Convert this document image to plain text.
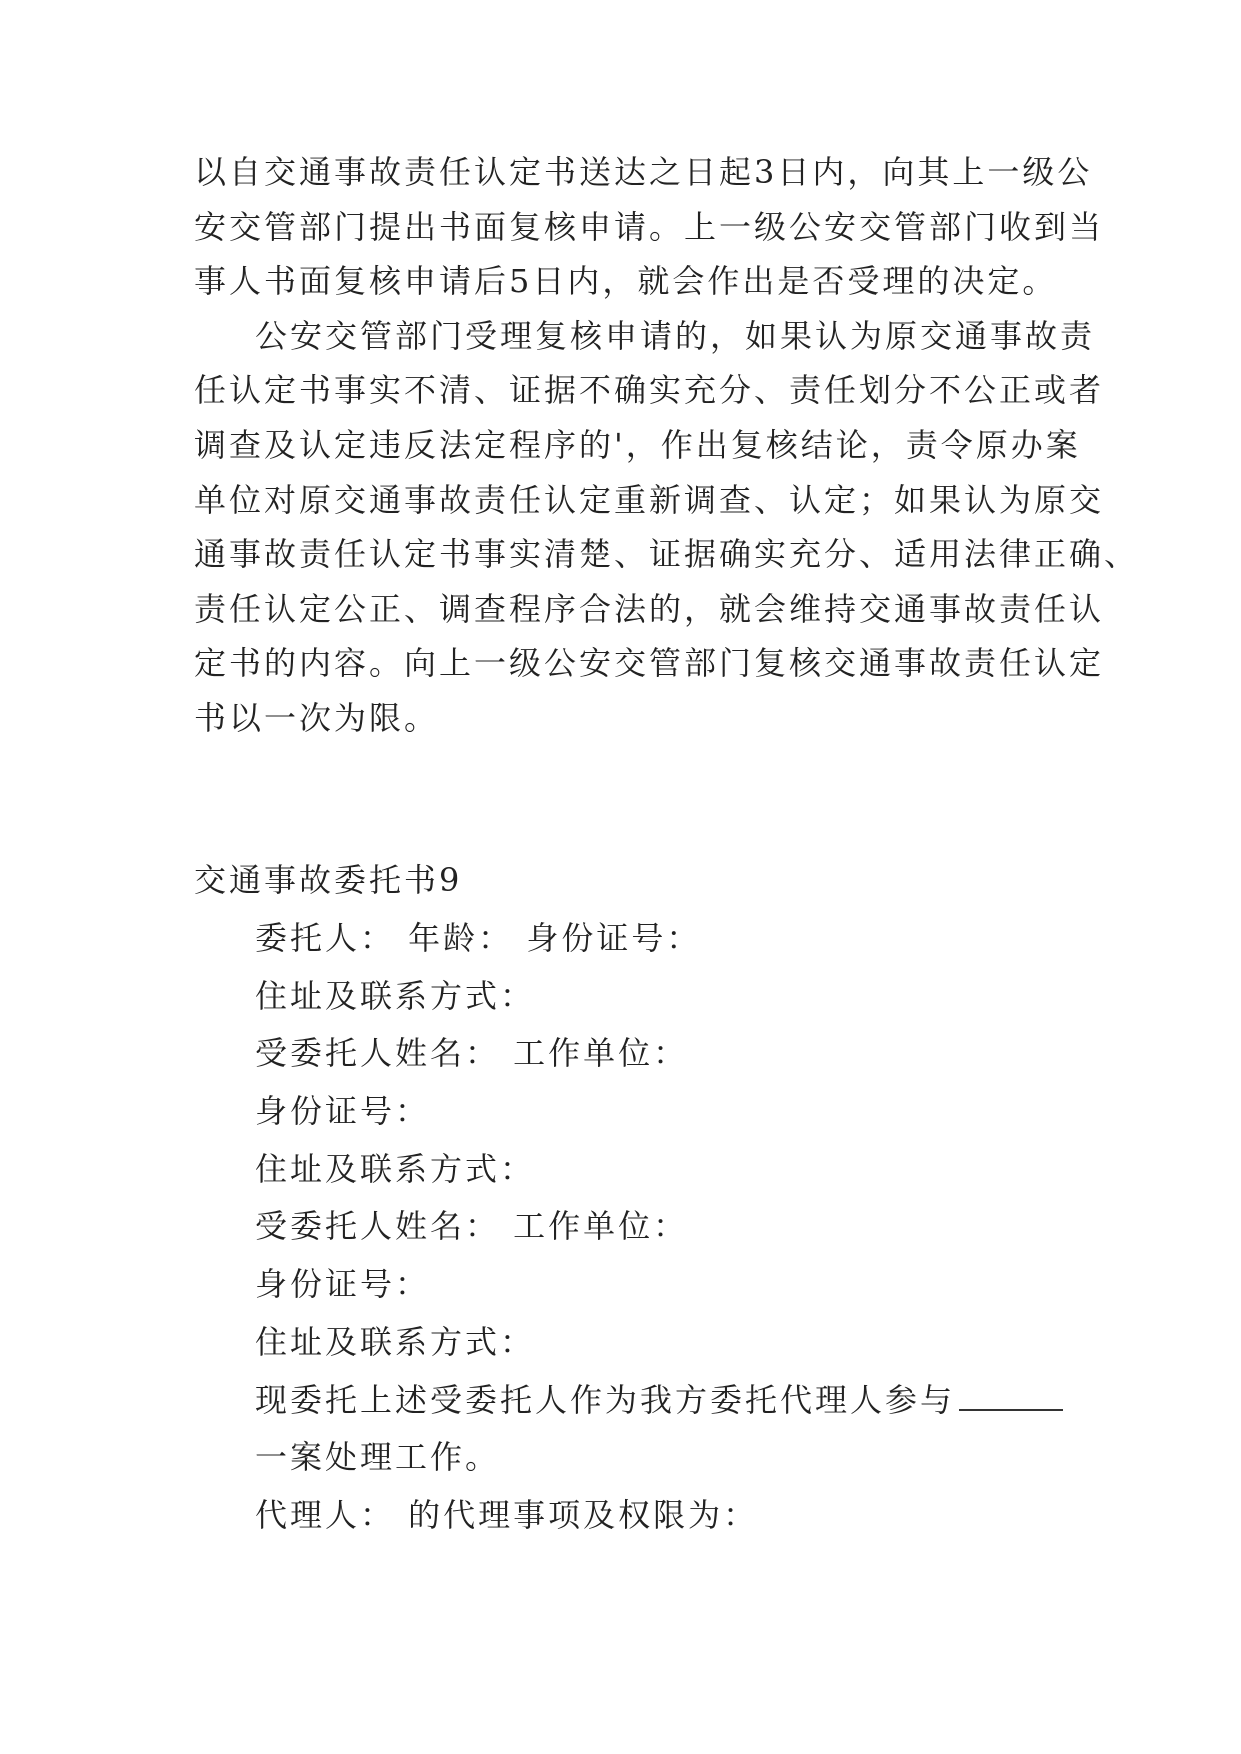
以自交通事故责任认定书送达之日起3日内，向其上一级公
安交管部门提出书面复核申请。上一级公安交管部门收到当
事人书面复核申请后5日内，就会作出是否受理的决定。
公安交管部门受理复核申请的，如果认为原交通事故责
任认定书事实不清、证据不确实充分、责任划分不公正或者
调查及认定违反法定程序的'，作出复核结论，责令原办案
单位对原交通事故责任认定重新调查、认定；如果认为原交
通事故责任认定书事实清楚、证据确实充分、适用法律正确、
责任认定公正、调查程序合法的，就会维持交通事故责任认
定书的内容。向上一级公安交管部门复核交通事故责任认定
书以一次为限。
交通事故委托书9
委托人： 年龄： 身份证号：
住址及联系方式：
受委托人姓名： 工作单位：
身份证号：
住址及联系方式：
受委托人姓名： 工作单位：
身份证号：
住址及联系方式：
现委托上述受委托人作为我方委托代理人参与
一案处理工作。
代理人： 的代理事项及权限为：
